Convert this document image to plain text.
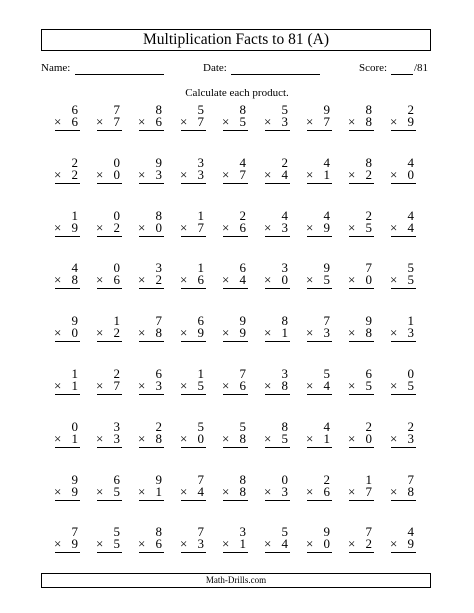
Multiplication Facts to 81 (A)
Name:	Date:	Score: /81
Calculate each product.
6
× 6
7
× 7
8
× 6
5
× 7
8
× 5
5
× 3
9
× 7
8
× 8
2
× 9
2
× 2
0
× 0
9
× 3
3
× 3
4
× 7
2
× 4
4
× 1
8
× 2
4
× 0
1
× 9
0
× 2
8
× 0
1
× 7
2
× 6
4
× 3
4
× 9
2
× 5
4
× 4
4
× 8
0
× 6
3
× 2
1
× 6
6
× 4
3
× 0
9
× 5
7
× 0
5
× 5
9
× 0
1
× 2
7
× 8
6
× 9
9
× 9
8
× 1
7
× 3
9
× 8
1
× 3
1
× 1
2
× 7
6
× 3
1
× 5
7
× 6
3
× 8
5
× 4
6
× 5
0
× 5
0
× 1
3
× 3
2
× 8
5
× 0
5
× 8
8
× 5
4
× 1
2
× 0
2
× 3
9
× 9
6
× 5
9
× 1
7
× 4
8
× 8
0
× 3
2
× 6
1
× 7
7
× 8
7
× 9
5
× 5
8
× 6
7
× 3
3
× 1
5
× 4
9
× 0
7
× 2
4
× 9
Math-Drills.com
